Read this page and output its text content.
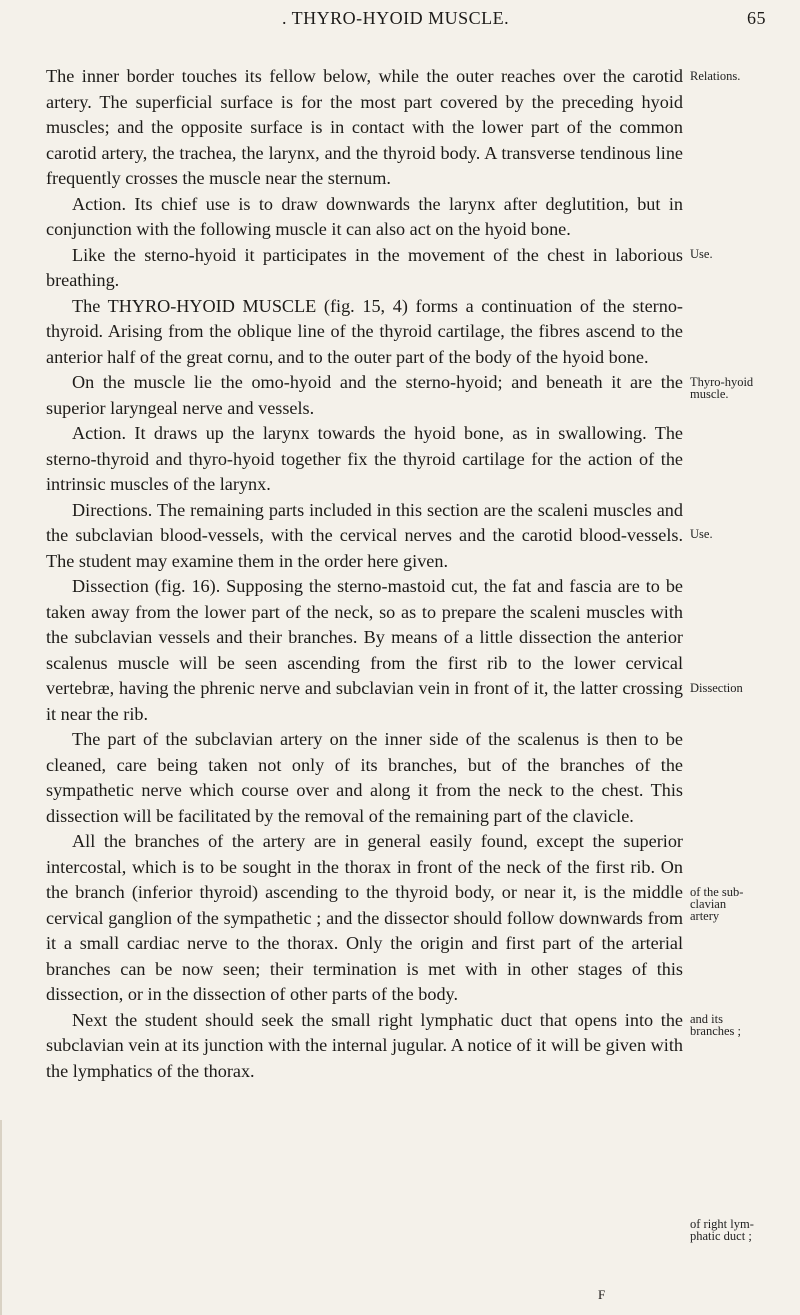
. THYRO-HYOID MUSCLE.	65

The inner border touches its fellow below, while the outer reaches over the carotid artery. The superficial surface is for the most part covered by the preceding hyoid muscles; and the opposite surface is in contact with the lower part of the common carotid artery, the trachea, the larynx, and the thyroid body. A transverse tendinous line frequently crosses the muscle near the sternum.

Action. Its chief use is to draw downwards the larynx after deglutition, but in conjunction with the following muscle it can also act on the hyoid bone.

Like the sterno-hyoid it participates in the movement of the chest in laborious breathing.

The THYRO-HYOID MUSCLE (fig. 15, 4) forms a continuation of the sterno-thyroid. Arising from the oblique line of the thyroid cartilage, the fibres ascend to the anterior half of the great cornu, and to the outer part of the body of the hyoid bone.

On the muscle lie the omo-hyoid and the sterno-hyoid; and beneath it are the superior laryngeal nerve and vessels.

Action. It draws up the larynx towards the hyoid bone, as in swallowing. The sterno-thyroid and thyro-hyoid together fix the thyroid cartilage for the action of the intrinsic muscles of the larynx.

Directions. The remaining parts included in this section are the scaleni muscles and the subclavian blood-vessels, with the cervical nerves and the carotid blood-vessels. The student may examine them in the order here given.

Dissection (fig. 16). Supposing the sterno-mastoid cut, the fat and fascia are to be taken away from the lower part of the neck, so as to prepare the scaleni muscles with the subclavian vessels and their branches. By means of a little dissection the anterior scalenus muscle will be seen ascending from the first rib to the lower cervical vertebræ, having the phrenic nerve and subclavian vein in front of it, the latter crossing it near the rib.

The part of the subclavian artery on the inner side of the scalenus is then to be cleaned, care being taken not only of its branches, but of the branches of the sympathetic nerve which course over and along it from the neck to the chest. This dissection will be facilitated by the removal of the remaining part of the clavicle.

All the branches of the artery are in general easily found, except the superior intercostal, which is to be sought in the thorax in front of the neck of the first rib. On the branch (inferior thyroid) ascending to the thyroid body, or near it, is the middle cervical ganglion of the sympathetic ; and the dissector should follow downwards from it a small cardiac nerve to the thorax. Only the origin and first part of the arterial branches can be now seen; their termination is met with in other stages of this dissection, or in the dissection of other parts of the body.

Next the student should seek the small right lymphatic duct that opens into the subclavian vein at its junction with the internal jugular. A notice of it will be given with the lymphatics of the thorax.

Relations.
Use.
Thyro-hyoid
muscle.
Use.
Dissection
of the sub-
clavian
artery
and its
branches ;
of right lym-
phatic duct ;
F
